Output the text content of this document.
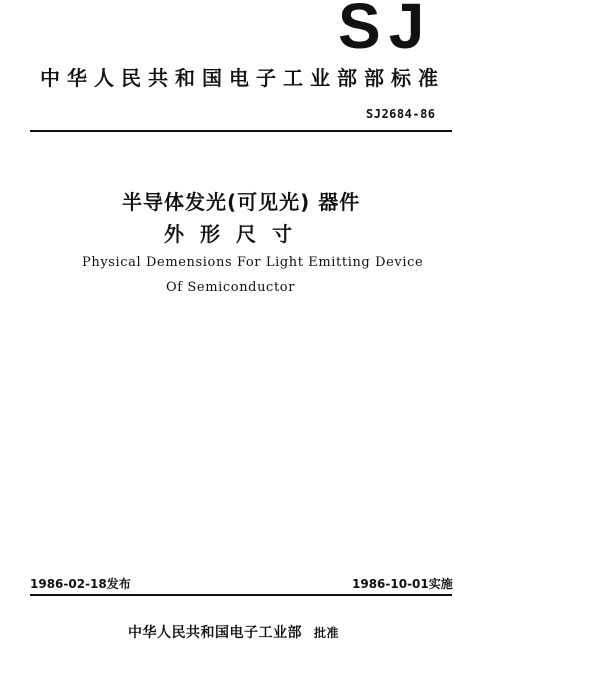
SJ
中华人民共和国电子工业部部标准
SJ2684-86
半导体发光(可见光) 器件
外形尺寸
Physical Demensions For Light Emitting Device
Of Semiconductor
1986-02-18发布	1986-10-01实施
中华人民共和国电子工业部 批准
